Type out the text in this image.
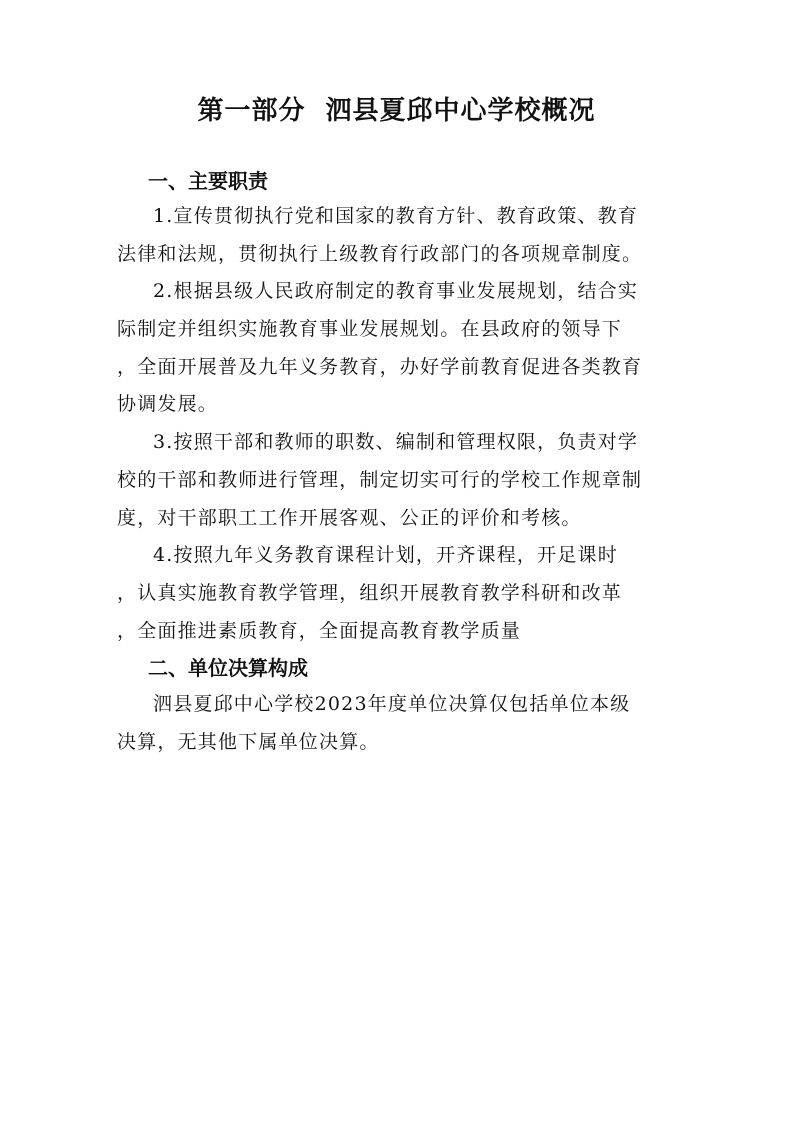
第一部分  泗县夏邱中心学校概况
一、主要职责
1.宣传贯彻执行党和国家的教育方针、教育政策、教育
法律和法规，贯彻执行上级教育行政部门的各项规章制度。
2.根据县级人民政府制定的教育事业发展规划，结合实
际制定并组织实施教育事业发展规划。在县政府的领导下
，全面开展普及九年义务教育，办好学前教育促进各类教育
协调发展。
3.按照干部和教师的职数、编制和管理权限，负责对学
校的干部和教师进行管理，制定切实可行的学校工作规章制
度，对干部职工工作开展客观、公正的评价和考核。
4.按照九年义务教育课程计划，开齐课程，开足课时
，认真实施教育教学管理，组织开展教育教学科研和改革
，全面推进素质教育，全面提高教育教学质量
二、单位决算构成
泗县夏邱中心学校2023年度单位决算仅包括单位本级
决算，无其他下属单位决算。
